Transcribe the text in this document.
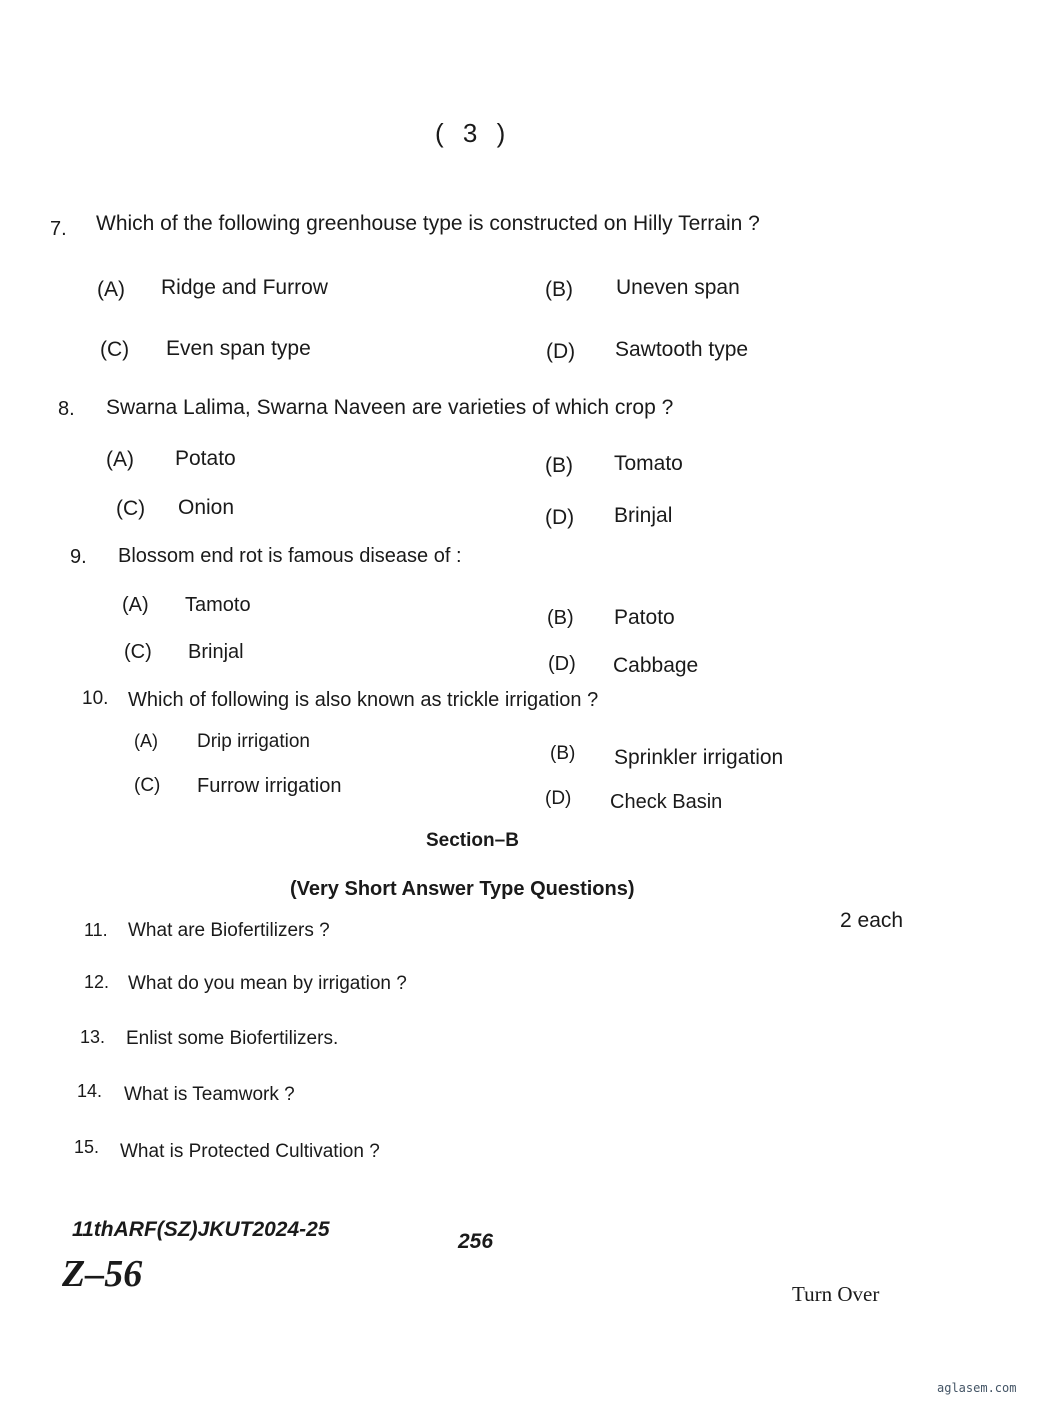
( 3 )
7. Which of the following greenhouse type is constructed on Hilly Terrain ?
(A) Ridge and Furrow	(B) Uneven span
(C) Even span type	(D) Sawtooth type
8. Swarna Lalima, Swarna Naveen are varieties of which crop ?
(A) Potato	(B) Tomato
(C) Onion	(D) Brinjal
9. Blossom end rot is famous disease of :
(A) Tamoto
(B) Patoto
(C) Brinjal
(D) Cabbage
10. Which of following is also known as trickle irrigation ?
(A) Drip irrigation
(B) Sprinkler irrigation
(C) Furrow irrigation
(D) Check Basin
Section–B
(Very Short Answer Type Questions)
2 each
11. What are Biofertilizers ?
12. What do you mean by irrigation ?
13. Enlist some Biofertilizers.
14. What is Teamwork ?
15. What is Protected Cultivation ?
11thARF(SZ)JKUT2024-25
256
Z–56	Turn Over
aglasem.com
